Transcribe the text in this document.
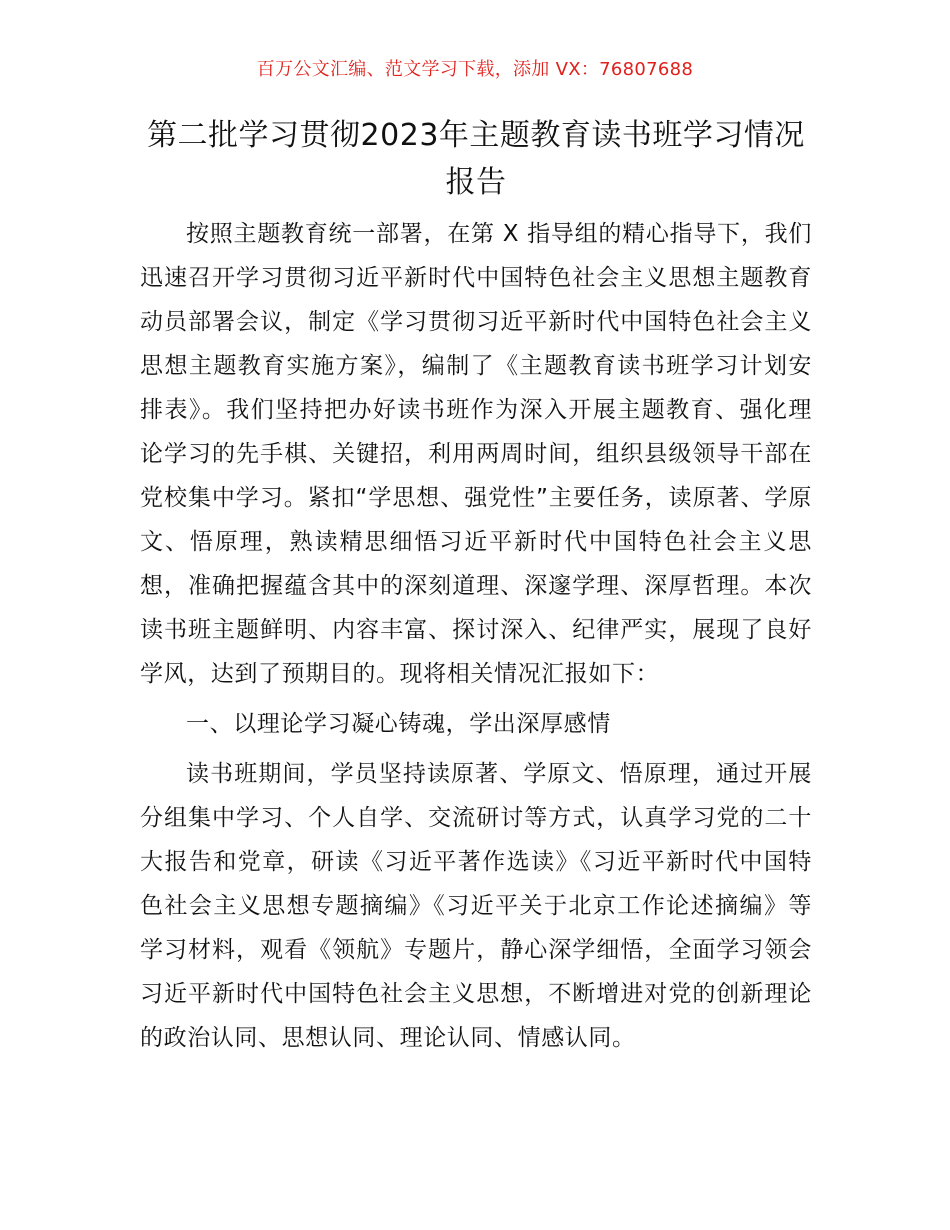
百万公文汇编、范文学习下载，添加 VX：76807688
第二批学习贯彻2023年主题教育读书班学习情况报告

按照主题教育统一部署，在第 X 指导组的精心指导下，我们迅速召开学习贯彻习近平新时代中国特色社会主义思想主题教育动员部署会议，制定《学习贯彻习近平新时代中国特色社会主义思想主题教育实施方案》，编制了《主题教育读书班学习计划安排表》。我们坚持把办好读书班作为深入开展主题教育、强化理论学习的先手棋、关键招，利用两周时间，组织县级领导干部在党校集中学习。紧扣“学思想、强党性”主要任务，读原著、学原文、悟原理，熟读精思细悟习近平新时代中国特色社会主义思想，准确把握蕴含其中的深刻道理、深邃学理、深厚哲理。本次读书班主题鲜明、内容丰富、探讨深入、纪律严实，展现了良好学风，达到了预期目的。现将相关情况汇报如下：

一、以理论学习凝心铸魂，学出深厚感情

读书班期间，学员坚持读原著、学原文、悟原理，通过开展分组集中学习、个人自学、交流研讨等方式，认真学习党的二十大报告和党章，研读《习近平著作选读》《习近平新时代中国特色社会主义思想专题摘编》《习近平关于北京工作论述摘编》等学习材料，观看《领航》专题片，静心深学细悟，全面学习领会习近平新时代中国特色社会主义思想，不断增进对党的创新理论的政治认同、思想认同、理论认同、情感认同。
